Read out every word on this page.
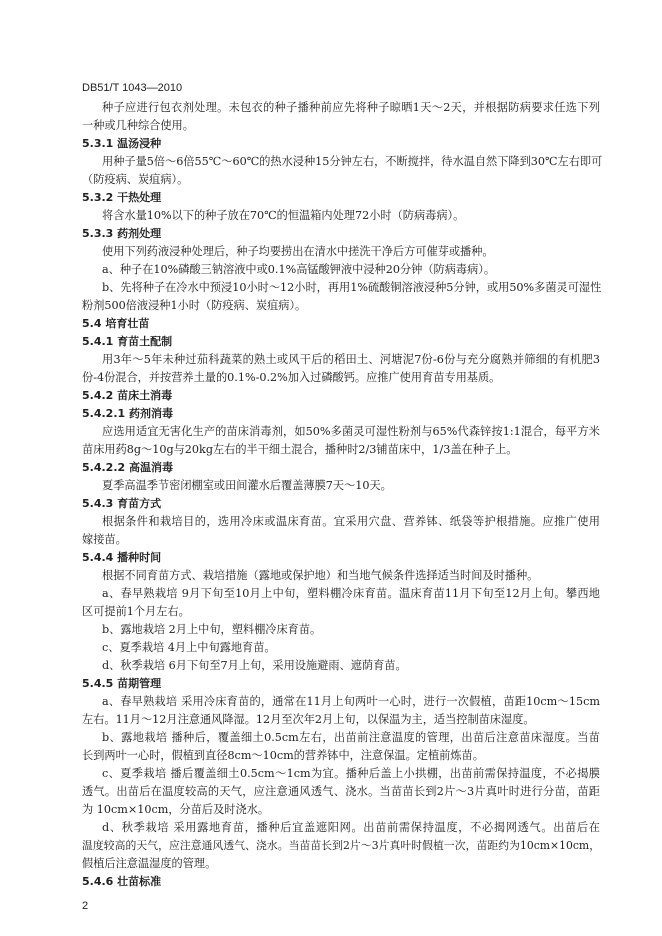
DB51/T 1043—2010
种子应进行包衣剂处理。未包衣的种子播种前应先将种子晾晒1天～2天，并根据防病要求任选下列
一种或几种综合使用。
5.3.1 温汤浸种
用种子量5倍～6倍55℃～60℃的热水浸种15分钟左右，不断搅拌，待水温自然下降到30℃左右即可
（防疫病、炭疽病）。
5.3.2 干热处理
将含水量10%以下的种子放在70℃的恒温箱内处理72小时（防病毒病）。
5.3.3 药剂处理
使用下列药液浸种处理后，种子均要捞出在清水中搓洗干净后方可催芽或播种。
a、种子在10%磷酸三钠溶液中或0.1%高锰酸钾液中浸种20分钟（防病毒病）。
b、先将种子在冷水中预浸10小时～12小时，再用1%硫酸铜溶液浸种5分钟，或用50%多菌灵可湿性
粉剂500倍液浸种1小时（防疫病、炭疽病）。
5.4 培育壮苗
5.4.1 育苗土配制
用3年～5年未种过茄科蔬菜的熟土或风干后的稻田土、河塘泥7份-6份与充分腐熟并筛细的有机肥3
份-4份混合，并按营养土量的0.1%-0.2%加入过磷酸钙。应推广使用育苗专用基质。
5.4.2 苗床土消毒
5.4.2.1 药剂消毒
应选用适宜无害化生产的苗床消毒剂，如50%多菌灵可湿性粉剂与65%代森锌按1:1混合，每平方米
苗床用药8g～10g与20kg左右的半干细土混合，播种时2/3铺苗床中，1/3盖在种子上。
5.4.2.2 高温消毒
夏季高温季节密闭棚室或田间灌水后覆盖薄膜7天～10天。
5.4.3 育苗方式
根据条件和栽培目的，选用冷床或温床育苗。宜采用穴盘、营养钵、纸袋等护根措施。应推广使用
嫁接苗。
5.4.4 播种时间
根据不同育苗方式、栽培措施（露地或保护地）和当地气候条件选择适当时间及时播种。
a、春早熟栽培 9月下旬至10月上中旬，塑料棚冷床育苗。温床育苗11月下旬至12月上旬。攀西地
区可提前1个月左右。
b、露地栽培 2月上中旬，塑料棚冷床育苗。
c、夏季栽培 4月上中旬露地育苗。
d、秋季栽培 6月下旬至7月上旬，采用设施避雨、遮荫育苗。
5.4.5 苗期管理
a、春早熟栽培 采用冷床育苗的，通常在11月上旬两叶一心时，进行一次假植，苗距10cm～15cm
左右。11月～12月注意通风降湿。12月至次年2月上旬，以保温为主，适当控制苗床湿度。
b、露地栽培 播种后，覆盖细土0.5cm左右，出苗前注意温度的管理，出苗后注意苗床湿度。当苗
长到两叶一心时，假植到直径8cm～10cm的营养钵中，注意保温。定植前炼苗。
c、夏季栽培 播后覆盖细土0.5cm～1cm为宜。播种后盖上小拱棚，出苗前需保持温度，不必揭膜
透气。出苗后在温度较高的天气，应注意通风透气、浇水。当苗苗长到2片～3片真叶时进行分苗，苗距
为 10cm×10cm，分苗后及时浇水。
d、秋季栽培 采用露地育苗，播种后宜盖遮阳网。出苗前需保持温度，不必揭网透气。出苗后在
温度较高的天气，应注意通风透气、浇水。当苗苗长到2片～3片真叶时假植一次，苗距约为10cm×10cm，
假植后注意温湿度的管理。
5.4.6 壮苗标准
2
